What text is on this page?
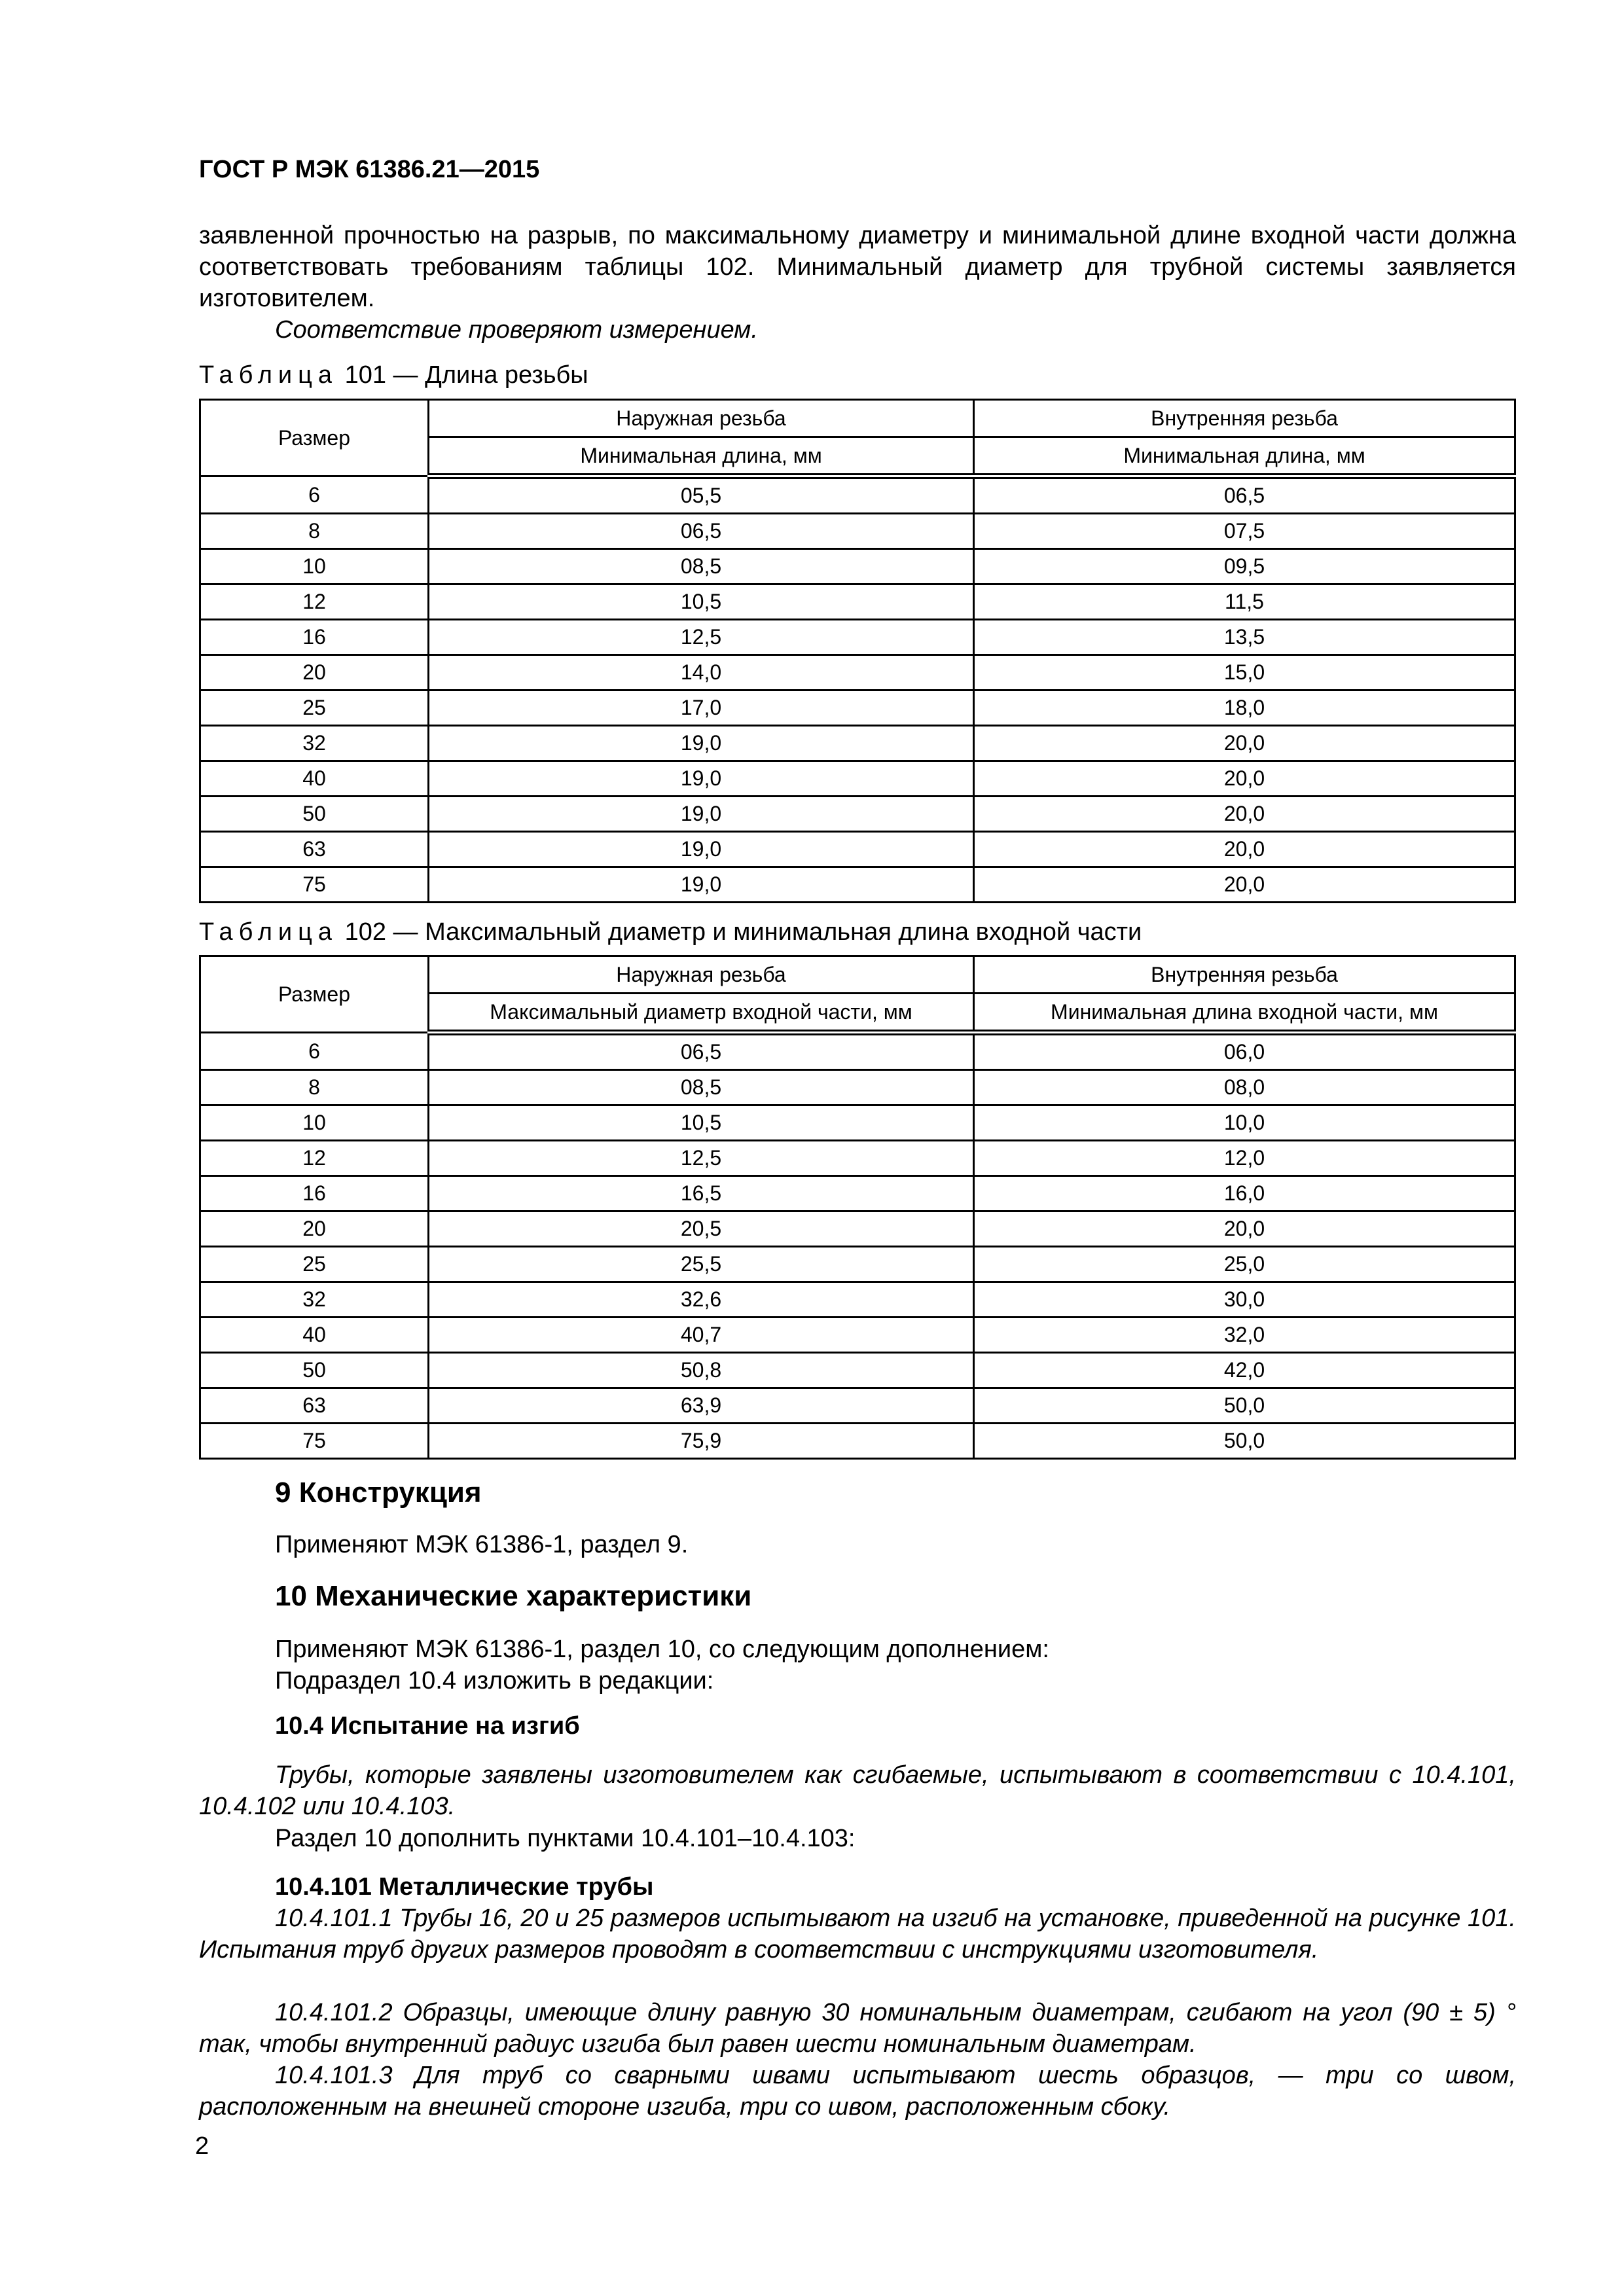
ГОСТ Р МЭК 61386.21—2015
заявленной прочностью на разрыв, по максимальному диаметру и минимальной длине входной части должна соответствовать требованиям таблицы 102. Минимальный диаметр для трубной системы заявляется изготовителем.
Соответствие проверяют измерением.
Таблица 101 — Длина резьбы
Размер	Наружная резьба	Внутренняя резьба
	Минимальная длина, мм	Минимальная длина, мм
6	05,5	06,5
8	06,5	07,5
10	08,5	09,5
12	10,5	11,5
16	12,5	13,5
20	14,0	15,0
25	17,0	18,0
32	19,0	20,0
40	19,0	20,0
50	19,0	20,0
63	19,0	20,0
75	19,0	20,0
Таблица 102 — Максимальный диаметр и минимальная длина входной части
Размер	Наружная резьба	Внутренняя резьба
	Максимальный диаметр входной части, мм	Минимальная длина входной части, мм
6	06,5	06,0
8	08,5	08,0
10	10,5	10,0
12	12,5	12,0
16	16,5	16,0
20	20,5	20,0
25	25,5	25,0
32	32,6	30,0
40	40,7	32,0
50	50,8	42,0
63	63,9	50,0
75	75,9	50,0
9 Конструкция
Применяют МЭК 61386-1, раздел 9.
10 Механические характеристики
Применяют МЭК 61386-1, раздел 10, со следующим дополнением:
Подраздел 10.4 изложить в редакции:
10.4 Испытание на изгиб
Трубы, которые заявлены изготовителем как сгибаемые, испытывают в соответствии с 10.4.101, 10.4.102 или 10.4.103.
Раздел 10 дополнить пунктами 10.4.101–10.4.103:
10.4.101 Металлические трубы
10.4.101.1 Трубы 16, 20 и 25 размеров испытывают на изгиб на установке, приведенной на рисунке 101. Испытания труб других размеров проводят в соответствии с инструкциями изготовителя.
10.4.101.2 Образцы, имеющие длину равную 30 номинальным диаметрам, сгибают на угол (90 ± 5) ° так, чтобы внутренний радиус изгиба был равен шести номинальным диаметрам.
10.4.101.3 Для труб со сварными швами испытывают шесть образцов, — три со швом, расположенным на внешней стороне изгиба, три со швом, расположенным сбоку.
2
